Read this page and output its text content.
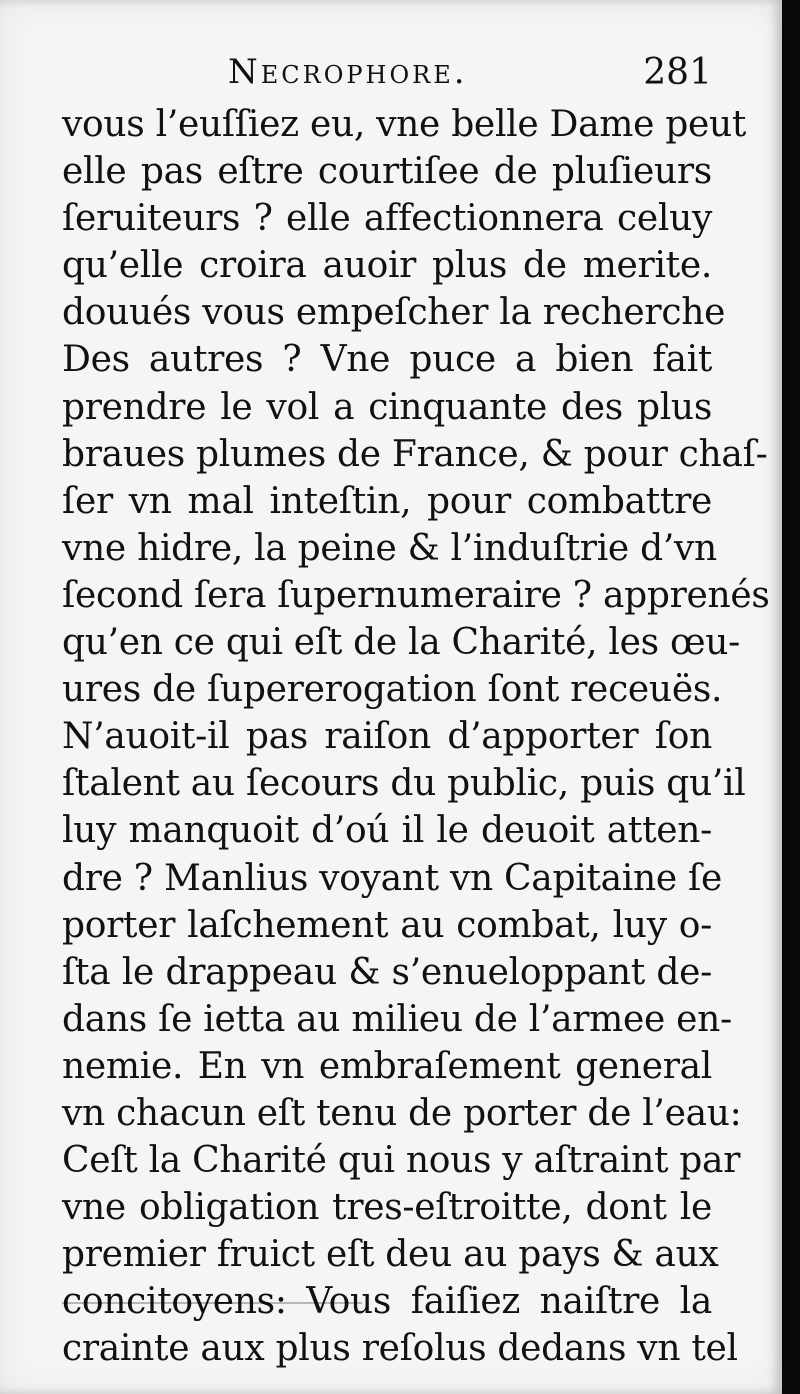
Necrophore.	281
vous l’euſſiez eu, vne belle Dame peut
elle pas eſtre courtiſee de pluſieurs
ſeruiteurs ? elle affectionnera celuy
qu’elle croira auoir plus de merite.
douués vous empeſcher la recherche
Des autres ? Vne puce a bien fait
prendre le vol a cinquante des plus
braues plumes de France, & pour chaſ-
ſer vn mal inteſtin, pour combattre
vne hidre, la peine & l’induſtrie d’vn
ſecond ſera ſupernumeraire ? apprenés
qu’en ce qui eſt de la Charité, les œu-
ures de ſupererogation ſont receuës.
N’auoit-il pas raiſon d’apporter ſon
ſtalent au ſecours du public, puis qu’il
luy manquoit d’oú il le deuoit atten-
dre ? Manlius voyant vn Capitaine ſe
porter laſchement au combat, luy o-
ſta le drappeau & s’enueloppant de-
dans ſe ietta au milieu de l’armee en-
nemie. En vn embraſement general
vn chacun eſt tenu de porter de l’eau:
Ceſt la Charité qui nous y aſtraint par
vne obligation tres-eſtroitte, dont le
premier fruict eſt deu au pays & aux
concitoyens: Vous faiſiez naiſtre la
crainte aux plus reſolus dedans vn tel
